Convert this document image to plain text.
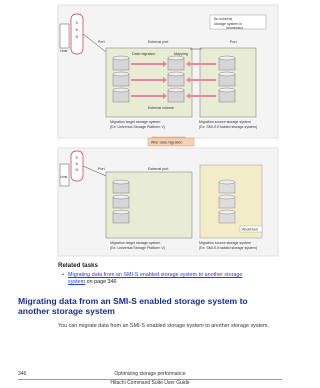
Host
S
A
N
Port	External port	Port
An external
storage system is
connected.
Data migration	Mapping
External volume
Migration target storage system
(Ex: Universal Storage Platform V)
Migration source storage system
(Ex: SMI-S Enabled storage system)
After data migration
Host
S
A
N	Port	External port
Abolished
Migration target storage system
(Ex: Universal Storage Platform V)
Migration source storage system
(Ex: SMI-S Enabled storage system)
Related tasks
• Migrating data from an SMI-S enabled storage system to another storage
system on page 346
Migrating data from an SMI-S enabled storage system to another storage system
You can migrate data from an SMI-S enabled storage system to another storage system.
346	Optimizing storage performance
Hitachi Command Suite User Guide
